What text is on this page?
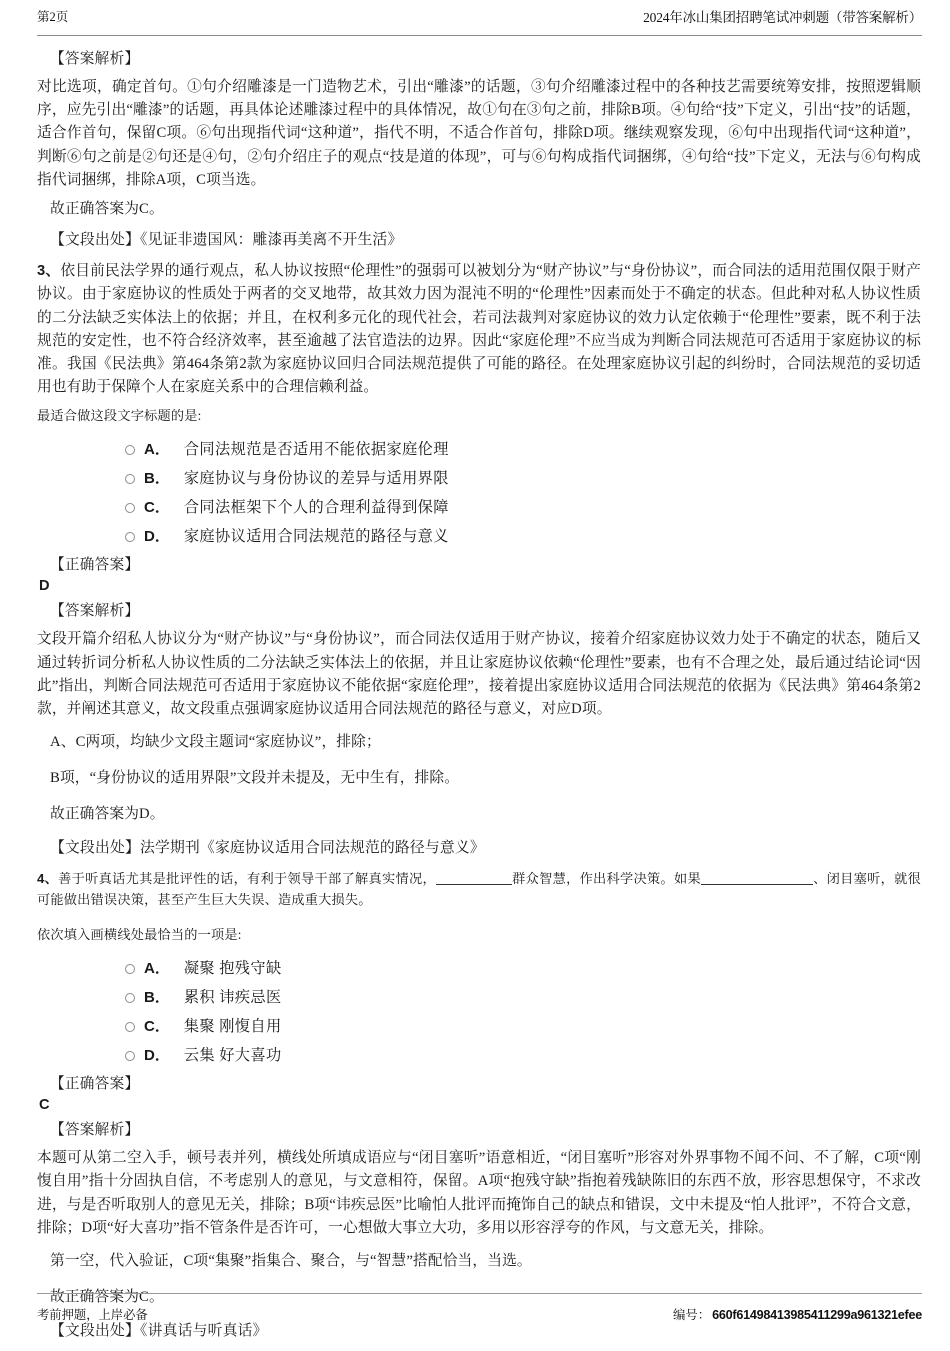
第2页	2024年冰山集团招聘笔试冲刺题（带答案解析）
【答案解析】
对比选项，确定首句。①句介绍雕漆是一门造物艺术，引出“雕漆”的话题，③句介绍雕漆过程中的各种技艺需要统筹安排，按照逻辑顺序，应先引出“雕漆”的话题，再具体论述雕漆过程中的具体情况，故①句在③句之前，排除B项。④句给“技”下定义，引出“技”的话题，适合作首句，保留C项。⑥句出现指代词“这种道”，指代不明，不适合作首句，排除D项。继续观察发现，⑥句中出现指代词“这种道”，判断⑥句之前是②句还是④句，②句介绍庄子的观点“技是道的体现”，可与⑥句构成指代词捆绑，④句给“技”下定义，无法与⑥句构成指代词捆绑，排除A项，C项当选。
故正确答案为C。
【文段出处】《见证非遗国风：雕漆再美离不开生活》
3、依目前民法学界的通行观点，私人协议按照“伦理性”的强弱可以被划分为“财产协议”与“身份协议”，而合同法的适用范围仅限于财产协议。由于家庭协议的性质处于两者的交叉地带，故其效力因为混沌不明的“伦理性”因素而处于不确定的状态。但此种对私人协议性质的二分法缺乏实体法上的依据；并且，在权利多元化的现代社会，若司法裁判对家庭协议的效力认定依赖于“伦理性”要素，既不利于法规范的安定性，也不符合经济效率，甚至逾越了法官造法的边界。因此“家庭伦理”不应当成为判断合同法规范可否适用于家庭协议的标准。我国《民法典》第464条第2款为家庭协议回归合同法规范提供了可能的路径。在处理家庭协议引起的纠纷时，合同法规范的妥切适用也有助于保障个人在家庭关系中的合理信赖利益。
最适合做这段文字标题的是:
A． 合同法规范是否适用不能依据家庭伦理
B． 家庭协议与身份协议的差异与适用界限
C． 合同法框架下个人的合理利益得到保障
D． 家庭协议适用合同法规范的路径与意义
【正确答案】
D
【答案解析】
文段开篇介绍私人协议分为“财产协议”与“身份协议”，而合同法仅适用于财产协议，接着介绍家庭协议效力处于不确定的状态，随后又通过转折词分析私人协议性质的二分法缺乏实体法上的依据，并且让家庭协议依赖“伦理性”要素，也有不合理之处，最后通过结论词“因此”指出，判断合同法规范可否适用于家庭协议不能依据“家庭伦理”，接着提出家庭协议适用合同法规范的依据为《民法典》第464条第2款，并阐述其意义，故文段重点强调家庭协议适用合同法规范的路径与意义，对应D项。
A、C两项，均缺少文段主题词“家庭协议”，排除；
B项，“身份协议的适用界限”文段并未提及，无中生有，排除。
故正确答案为D。
【文段出处】法学期刊《家庭协议适用合同法规范的路径与意义》
4、善于听真话尤其是批评性的话，有利于领导干部了解真实情况，	群众智慧，作出科学决策。如果	、闭目塞听，就很可能做出错误决策，甚至产生巨大失误、造成重大损失。
依次填入画横线处最恰当的一项是:
A． 凝聚 抱残守缺
B． 累积 讳疾忌医
C． 集聚 刚愎自用
D． 云集 好大喜功
【正确答案】
C
【答案解析】
本题可从第二空入手，顿号表并列，横线处所填成语应与“闭目塞听”语意相近，“闭目塞听”形容对外界事物不闻不问、不了解，C项“刚愎自用”指十分固执自信，不考虑别人的意见，与文意相符，保留。A项“抱残守缺”指抱着残缺陈旧的东西不放，形容思想保守，不求改进，与是否听取别人的意见无关，排除；B项“讳疾忌医”比喻怕人批评而掩饰自己的缺点和错误，文中未提及“怕人批评”，不符合文意，排除；D项“好大喜功”指不管条件是否许可，一心想做大事立大功，多用以形容浮夸的作风，与文意无关，排除。
第一空，代入验证，C项“集聚”指集合、聚合，与“智慧”搭配恰当，当选。
故正确答案为C。
【文段出处】《讲真话与听真话》
考前押题，上岸必备	编号： 660f61498413985411299a961321efee
